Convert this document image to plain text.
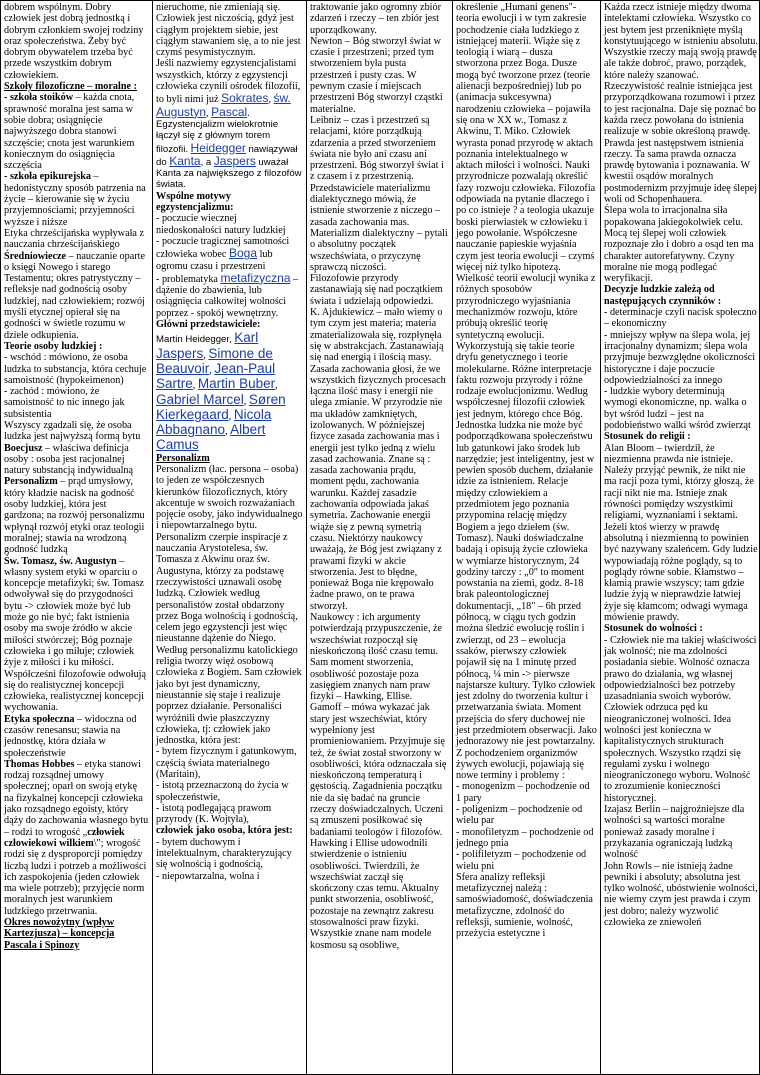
dobrem wspólnym. Dobry człowiek jest dobrą jednostką i dobrym członkiem swojej rodziny oraz społeczeństwa. Żeby być dobrym obywatelem trzeba być przede wszystkim dobrym człowiekiem.

Szkoły filozoficzne – moralne :

- szkoła stoików – każda cnota, sprawność moralna jest sama w sobie dobra; osiągnięcie najwyższego dobra stanowi szczęście; cnota jest warunkiem koniecznym do osiągnięcia szczęścia

- szkoła epikurejska – hedonistyczny sposób patrzenia na życie – kierowanie się w życiu przyjemnościami; przyjemności wyższe i niższe

Etyka chrześcijańska wypływała z nauczania chrześcijańskiego

Średniowiecze – nauczanie oparte o księgi Nowego i starego Testamentu; okres patrystyczny – refleksje nad godnością osoby ludzkiej, nad człowiekiem; rozwój myśli etycznej opierał się na godności w świetle rozumu w dziele odkupienia.

Teorie osoby ludzkiej :

- wschód : mówiono, że osoba ludzka to substancja, która cechuje samoistność (hypokeimenon)

- zachód : mówiono, że samoistność to nic innego jak subsistentia

Wszyscy zgadzali się, że osoba ludzka jest najwyższą formą bytu

Boecjusz – właściwa definicja osoby : osoba jest racjonalnej natury substancją indywidualną

Personalizm – prąd umysłowy, który kładzie nacisk na godność osoby ludzkiej, która jest gardzona; na rozwój personalizmu wpłynął rozwój etyki oraz teologii moralnej; stawia na wrodzoną godność ludzką

Św. Tomasz, św. Augustyn – własny system etyki w oparciu o koncepcje metafizyki; św. Tomasz odwoływał się do przygodności bytu -> człowiek może być lub może go nie być; fakt istnienia osoby ma swoje źródło w akcie miłości stwórczej; Bóg poznaje człowieka i go miłuje; człowiek żyje z miłości i ku miłości.

Współcześni filozofowie odwołują się do realistycznej koncepcji człowieka, realistycznej koncepcji wychowania.

Etyka społeczna – widoczna od czasów renesansu; stawia na jednostkę, która działa w społeczeństwie

Thomas Hobbes – etyka stanowi rodzaj rozsądnej umowy społecznej; oparł on swoją etykę na fizykalnej koncepcji człowieka jako rozsądnego egoisty, który dąży do zachowania własnego bytu – rodzi to wrogość „człowiek człowiekowi wilkiem\"; wrogość rodzi się z dysproporcji pomiędzy liczbą ludzi i potrzeb a możliwości ich zaspokojenia (jeden człowiek ma wiele potrzeb); przyjęcie norm moralnych jest warunkiem ludzkiego przetrwania.

Okres nowożytny (wpływ Kartezjusza) – koncepcja Pascala i Spinozy

nieruchome, nie zmieniają się. Człowiek jest niczością, gdyż jest ciągłym projektem siebie, jest ciągłym stawaniem się, a to nie jest czymś pesymistycznym.

Jeśli nazwiemy egzystencjalistami wszystkich, którzy z egzystencji człowieka czynili ośrodek filozofii, to byli nimi już Sokrates, św. Augustyn, Pascal. Egzystencjalizm wielokrotnie łączył się z głównym torem filozofii. Heidegger nawiązywał do Kanta, a Jaspers uważał Kanta za największego z filozofów świata.

Wspólne motywy egzystencjalizmu:

- poczucie wiecznej niedoskonałości natury ludzkiej

- poczucie tragicznej samotności człowieka wobec Boga lub ogromu czasu i przestrzeni

- problematyka metafizyczna – dążenie do zbawienia, lub osiągnięcia całkowitej wolności poprzez - spokój wewnętrzny.

Główni przedstawiciele:

Martin Heidegger, Karl Jaspers, Simone de Beauvoir, Jean-Paul Sartre, Martin Buber, Gabriel Marcel, Søren Kierkegaard, Nicola Abbagnano, Albert Camus

Personalizm

Personalizm (łac. persona – osoba) to jeden ze współczesnych kierunków filozoficznych, który akcentuje w swoich rozważaniach pojęcie osoby, jako indywidualnego i niepowtarzalnego bytu. Personalizm czerpie inspiracje z nauczania Arystotelesa, św. Tomasza z Akwinu oraz św. Augustyna, którzy za podstawę rzeczywistości uznawali osobę ludzką. Człowiek według personalistów został obdarzony przez Boga wolnością i godnością, celem jego egzystencji jest więc nieustanne dążenie do Niego. Według personalizmu katolickiego religia tworzy więź osobową człowieka z Bogiem. Sam człowiek jako byt jest dynamiczny, nieustannie się staje i realizuje poprzez działanie. Personaliści wyróżnili dwie płaszczyzny człowieka, tj: człowiek jako jednostka, która jest:

- bytem fizycznym i gatunkowym, częścią świata materialnego (Maritain),

- istotą przeznaczoną do życia w społeczeństwie,

- istotą podlegającą prawom przyrody (K. Wojtyła),

człowiek jako osoba, która jest:

- bytem duchowym i intelektualnym, charakteryzujący się wolnością i godnością,

- niepowtarzalna, wolna i

traktowanie jako ogromny zbiór zdarzeń i rzeczy – ten zbiór jest uporządkowany.

Newton – Bóg stworzył świat w czasie i przestrzeni; przed tym stworzeniem była pusta przestrzeń i pusty czas. W pewnym czasie i miejscach przestrzeni Bóg stworzył cząstki materialne.

Leibniz – czas i przestrzeń są relacjami, które porządkują zdarzenia a przed stworzeniem świata nie było ani czasu ani przestrzeni. Bóg stworzył świat i z czasem i z przestrzenią. Przedstawiciele materializmu dialektycznego mówią, że istnienie stworzenie z niczego – zasada zachowania mas.

Materializm dialektyczny – pytali o absolutny początek wszechświata, o przyczynę sprawczą niczości.

Filozofowie przyrody zastanawiają się nad początkiem świata i udzielają odpowiedzi.

K. Ajdukiewicz – mało wiemy o tym czym jest materia; materia zmaterializowała się, rozpłynęła się w abstrakcjach. Zastanawiają się nad energią i ilością masy. Zasada zachowania głosi, że we wszystkich fizycznych procesach łączna ilość masy i energii nie ulega zmianie. W przyrodzie nie ma układów zamkniętych, izolowanych. W późniejszej fizyce zasada zachowania mas i energii jest tylko jedną z wielu zasad zachowania. Znane są : zasada zachowania prądu, moment pędu, zachowania warunku. Każdej zasadzie zachowania odpowiada jakaś symetria. Zachowanie energii wiąże się z pewną symetrią czasu. Niektórzy naukowcy uważają, że Bóg jest związany z prawami fizyki w akcie stworzenia. Jest to błędne, ponieważ Boga nie krępowało żadne prawo, on te prawa stworzył.

Naukowcy : ich argumenty potwierdzają przypuszczenie, że wszechświat rozpoczął się nieskończoną ilość czasu temu. Sam moment stworzenia, osobliwość pozostaje poza zasięgiem znanych nam praw fizyki – Hawking, Ellise.

Gamoff – mówa wykazać jak stary jest wszechświat, który wypełniony jest promieniowaniem. Przyjmuje się też, że świat został stworzony w osobliwości, która odznaczała się nieskończoną temperaturą i gęstością. Zagadnienia początku nie da się badać na gruncie rzeczy doświadczalnych. Uczeni są zmuszeni posiłkować się badaniami teologów i filozofów.

Hawking i Ellise udowodnili stwierdzenie o istnieniu osobliwości. Twierdzili, że wszechświat zaczął się skończony czas temu. Aktualny punkt stworzenia, osobliwość, pozostaje na zewnątrz zakresu stosowalności praw fizyki. Wszystkie znane nam modele kosmosu są osobliwe,

określenie „Humani genens"- teoria ewolucji i w tym zakresie pochodzenie ciała ludzkiego z istniejącej materii. Wiąże się z teologią i wiarą – dusza stworzona przez Boga. Dusze mogą być tworzone przez (teorie alienacji bezpośredniej) lub po (animacja sukcesywna) narodzeniu człowieka – pojawiła się ona w XX w., Tomasz z Akwinu, T. Miko. Człowiek wyrasta ponad przyrodę w aktach poznania intelektualnego w aktach miłości i wolności. Nauki przyrodnicze pozwalają określić fazy rozwoju człowieka. Filozofia odpowiada na pytanie dlaczego i po co istnieje ? a teologia ukazuje boski pierwiastek w człowieku i jego powołanie. Współczesne nauczanie papieskie wyjaśnia czym jest teoria ewolucji – czymś więcej niż tylko hipotezą. Wielkość teorii ewolucji wynika z różnych sposobów przyrodniczego wyjaśniania mechanizmów rozwoju, które próbują określić teorię syntetyczną ewolucji. Wykorzystują się takie teorie dryfu genetycznego i teorie molekularne. Różne interpretacje faktu rozwoju przyrody i różne rodzaje ewolucjonizmu. Według współczesnej filozofii człowiek jest jednym, którego chce Bóg. Jednostka ludzka nie może być podporządkowana społeczeństwu lub gatunkowi jako środek lub narzędzie; jest inteligentny, jest w pewien sposób duchem, działanie idzie za istnieniem. Relacje między człowiekiem a przedmiotem jego poznania przypomina relację między Bogiem a jego dziełem (św. Tomasz). Nauki doświadczalne badają i opisują życie człowieka w wymiarze historycznym, 24 godziny tarczy : „0" to moment powstania na ziemi, godz. 8-18 brak paleontologicznej dokumentacji, „18" – 6h przed północą, w ciągu tych godzin można śledzić ewolucję roślin i zwierząt, od 23 – ewolucja ssaków, pierwszy człowiek pojawił się na 1 minutę przed północą, ¼ min -> pierwsze najstarsze kultury. Tylko człowiek jest zdolny do tworzenia kultur i przetwarzania świata. Moment przejścia do sfery duchowej nie jest przedmiotem obserwacji. Jako jednorazowy nie jest powtarzalny.

Z pochodzeniem organizmów żywych ewolucji, pojawiają się nowe terminy i problemy :

- monogenizm – pochodzenie od 1 pary

- poligenizm – pochodzenie od wielu par

- monofiletyzm – pochodzenie od jednego pnia

- polifiletyzm – pochodzenie od wielu pni

Sfera analizy refleksji metafizycznej należą : samoświadomość, doświadczenia metafizyczne, zdolność do refleksji, sumienie, wolność, przeżycia estetyczne i

Każda rzecz istnieje między dwoma intelektami człowieka. Wszystko co jest bytem jest przeniknięte myślą konstytuującego w istnieniu absolutu. Wszystkie rzeczy mają swoją prawdę ale także dobroć, prawo, porządek, które należy szanować.

Rzeczywistość realnie istniejąca jest przyporządkowana rozumowi i przez to jest racjonalna. Daje się poznać bo każda rzecz powołana do istnienia realizuje w sobie określoną prawdę.

Prawda jest następstwem istnienia rzeczy. Ta sama prawda oznacza prawdę bytowania i poznawania. W kwestii osądów moralnych postmodernizm przyjmuje ideę ślepej woli od Schopenhauera.

Ślepa wola to irracjonalna siła popakowana jakiegokolwiek celu. Mocą tej ślepej woli człowiek rozpoznaje zło i dobro a osąd ten ma charakter autorefatywny. Czyny moralne nie mogą podlegać weryfikacji.

Decyzje ludzkie zależą od następujących czynników :

- determinacje czyli nacisk społeczno – ekonomiczny

- mniejszy wpływ na ślepa wola, jej irracjonalny dynamizm; ślepa wola przyjmuje bezwzględne okoliczności historyczne i daje poczucie odpowiedzialności za innego

- ludzkie wybory determinują wymogi ekonomiczne, np. walka o byt wśród ludzi – jest na podobieństwo walki wśród zwierząt

Stosunek do religii :

Alan Bloom – twierdził, że niezmienna prawda nie istnieje. Należy przyjąć pewnik, że nikt nie ma racji poza tymi, którzy głoszą, że racji nikt nie ma. Istnieje znak równości pomiędzy wszystkimi religiami, wyznaniami i sektami. Jeżeli ktoś wierzy w prawdę absolutną i niezmienną to powinien być nazywany szaleńcem. Gdy ludzie wypowiadają różne poglądy, są to poglądy równe sobie. Kłamstwo – kłamią prawie wszyscy; tam gdzie ludzie żyją w nieprawdzie łatwiej żyje się kłamcom; odwagi wymaga mówienie prawdy.

Stosunek do wolności :

- Człowiek nie ma takiej właściwości jak wolność; nie ma zdolności posiadania siebie. Wolność oznacza prawo do działania, wg własnej odpowiedzialności bez potrzeby uzasadniania swoich wyborów. Człowiek odrzuca pęd ku nieograniczonej wolności. Idea wolności jest konieczna w kapitalistycznych strukturach społecznych. Wszystko rządzi się regułami zysku i wolnego nieograniczonego wyboru. Wolność to zrozumienie konieczności historycznej.

Izajasz Berlin – najgroźniejsze dla wolności są wartości moralne ponieważ zasady moralne i przykazania ograniczają ludzką wolność

John Rowls – nie istnieją żadne pewniki i absoluty; absolutna jest tylko wolność, ubóstwienie wolności, nie wiemy czym jest prawda i czym jest dobro; należy wyzwolić człowieka ze zniewoleń
